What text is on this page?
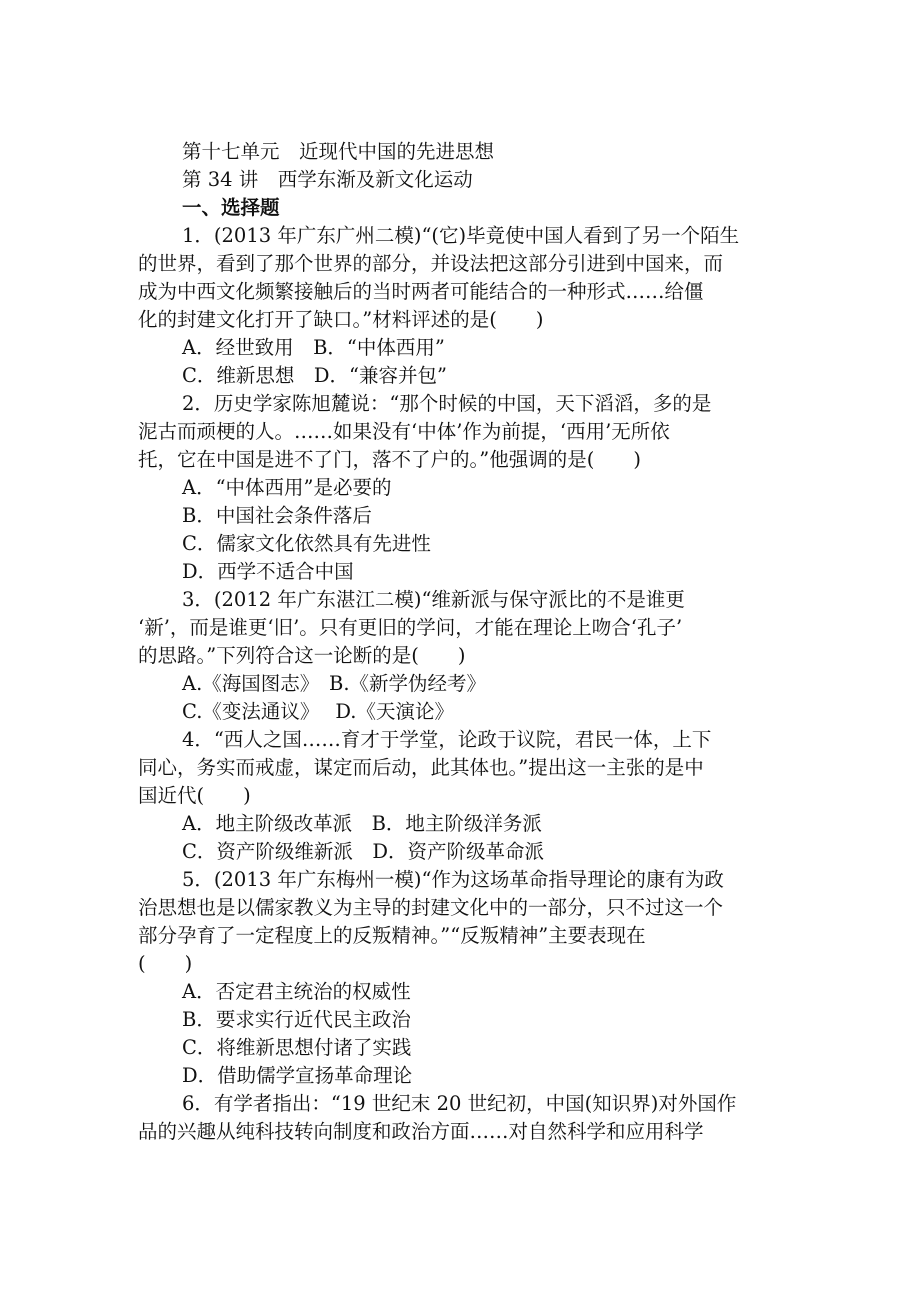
第十七单元　近现代中国的先进思想
第 34 讲　西学东渐及新文化运动
一、选择题
1．(2013 年广东广州二模)“(它)毕竟使中国人看到了另一个陌生
的世界，看到了那个世界的部分，并设法把这部分引进到中国来，而
成为中西文化频繁接触后的当时两者可能结合的一种形式……给僵
化的封建文化打开了缺口。”材料评述的是(　　)
A．经世致用　B．“中体西用”
C．维新思想　D．“兼容并包”
2．历史学家陈旭麓说：“那个时候的中国，天下滔滔，多的是
泥古而顽梗的人。……如果没有‘中体’作为前提，‘西用’无所依
托，它在中国是进不了门，落不了户的。”他强调的是(　　)
A．“中体西用”是必要的
B．中国社会条件落后
C．儒家文化依然具有先进性
D．西学不适合中国
3．(2012 年广东湛江二模)“维新派与保守派比的不是谁更
‘新’，而是谁更‘旧’。只有更旧的学问，才能在理论上吻合‘孔子’
的思路。”下列符合这一论断的是(　　)
A.《海国图志》　B.《新学伪经考》
C.《变法通议》　 D.《天演论》
4．“西人之国……育才于学堂，论政于议院，君民一体，上下
同心，务实而戒虚，谋定而后动，此其体也。”提出这一主张的是中
国近代(　　)
A．地主阶级改革派　B．地主阶级洋务派
C．资产阶级维新派　D．资产阶级革命派
5．(2013 年广东梅州一模)“作为这场革命指导理论的康有为政
治思想也是以儒家教义为主导的封建文化中的一部分，只不过这一个
部分孕育了一定程度上的反叛精神。”“反叛精神”主要表现在
(　　)
A．否定君主统治的权威性
B．要求实行近代民主政治
C．将维新思想付诸了实践
D．借助儒学宣扬革命理论
6．有学者指出：“19 世纪末 20 世纪初，中国(知识界)对外国作
品的兴趣从纯科技转向制度和政治方面……对自然科学和应用科学
